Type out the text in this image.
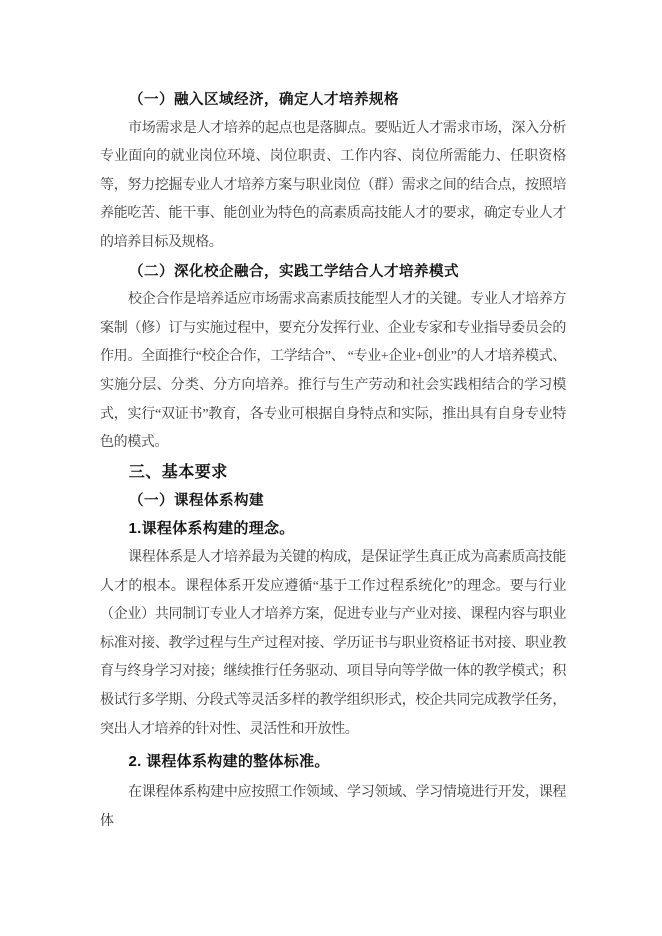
（一）融入区域经济，确定人才培养规格

市场需求是人才培养的起点也是落脚点。要贴近人才需求市场，深入分析专业面向的就业岗位环境、岗位职责、工作内容、岗位所需能力、任职资格等，努力挖掘专业人才培养方案与职业岗位（群）需求之间的结合点，按照培养能吃苦、能干事、能创业为特色的高素质高技能人才的要求，确定专业人才的培养目标及规格。

（二）深化校企融合，实践工学结合人才培养模式

校企合作是培养适应市场需求高素质技能型人才的关键。专业人才培养方案制（修）订与实施过程中，要充分发挥行业、企业专家和专业指导委员会的作用。全面推行“校企合作，工学结合”、 “专业+企业+创业”的人才培养模式、实施分层、分类、分方向培养。推行与生产劳动和社会实践相结合的学习模式，实行“双证书”教育，各专业可根据自身特点和实际，推出具有自身专业特色的模式。

三、基本要求
（一）课程体系构建
1.课程体系构建的理念。

课程体系是人才培养最为关键的构成，是保证学生真正成为高素质高技能人才的根本。课程体系开发应遵循“基于工作过程系统化”的理念。要与行业（企业）共同制订专业人才培养方案，促进专业与产业对接、课程内容与职业标准对接、教学过程与生产过程对接、学历证书与职业资格证书对接、职业教育与终身学习对接；继续推行任务驱动、项目导向等学做一体的教学模式；积极试行多学期、分段式等灵活多样的教学组织形式，校企共同完成教学任务，突出人才培养的针对性、灵活性和开放性。

2. 课程体系构建的整体标准。

在课程体系构建中应按照工作领域、学习领域、学习情境进行开发，课程体
